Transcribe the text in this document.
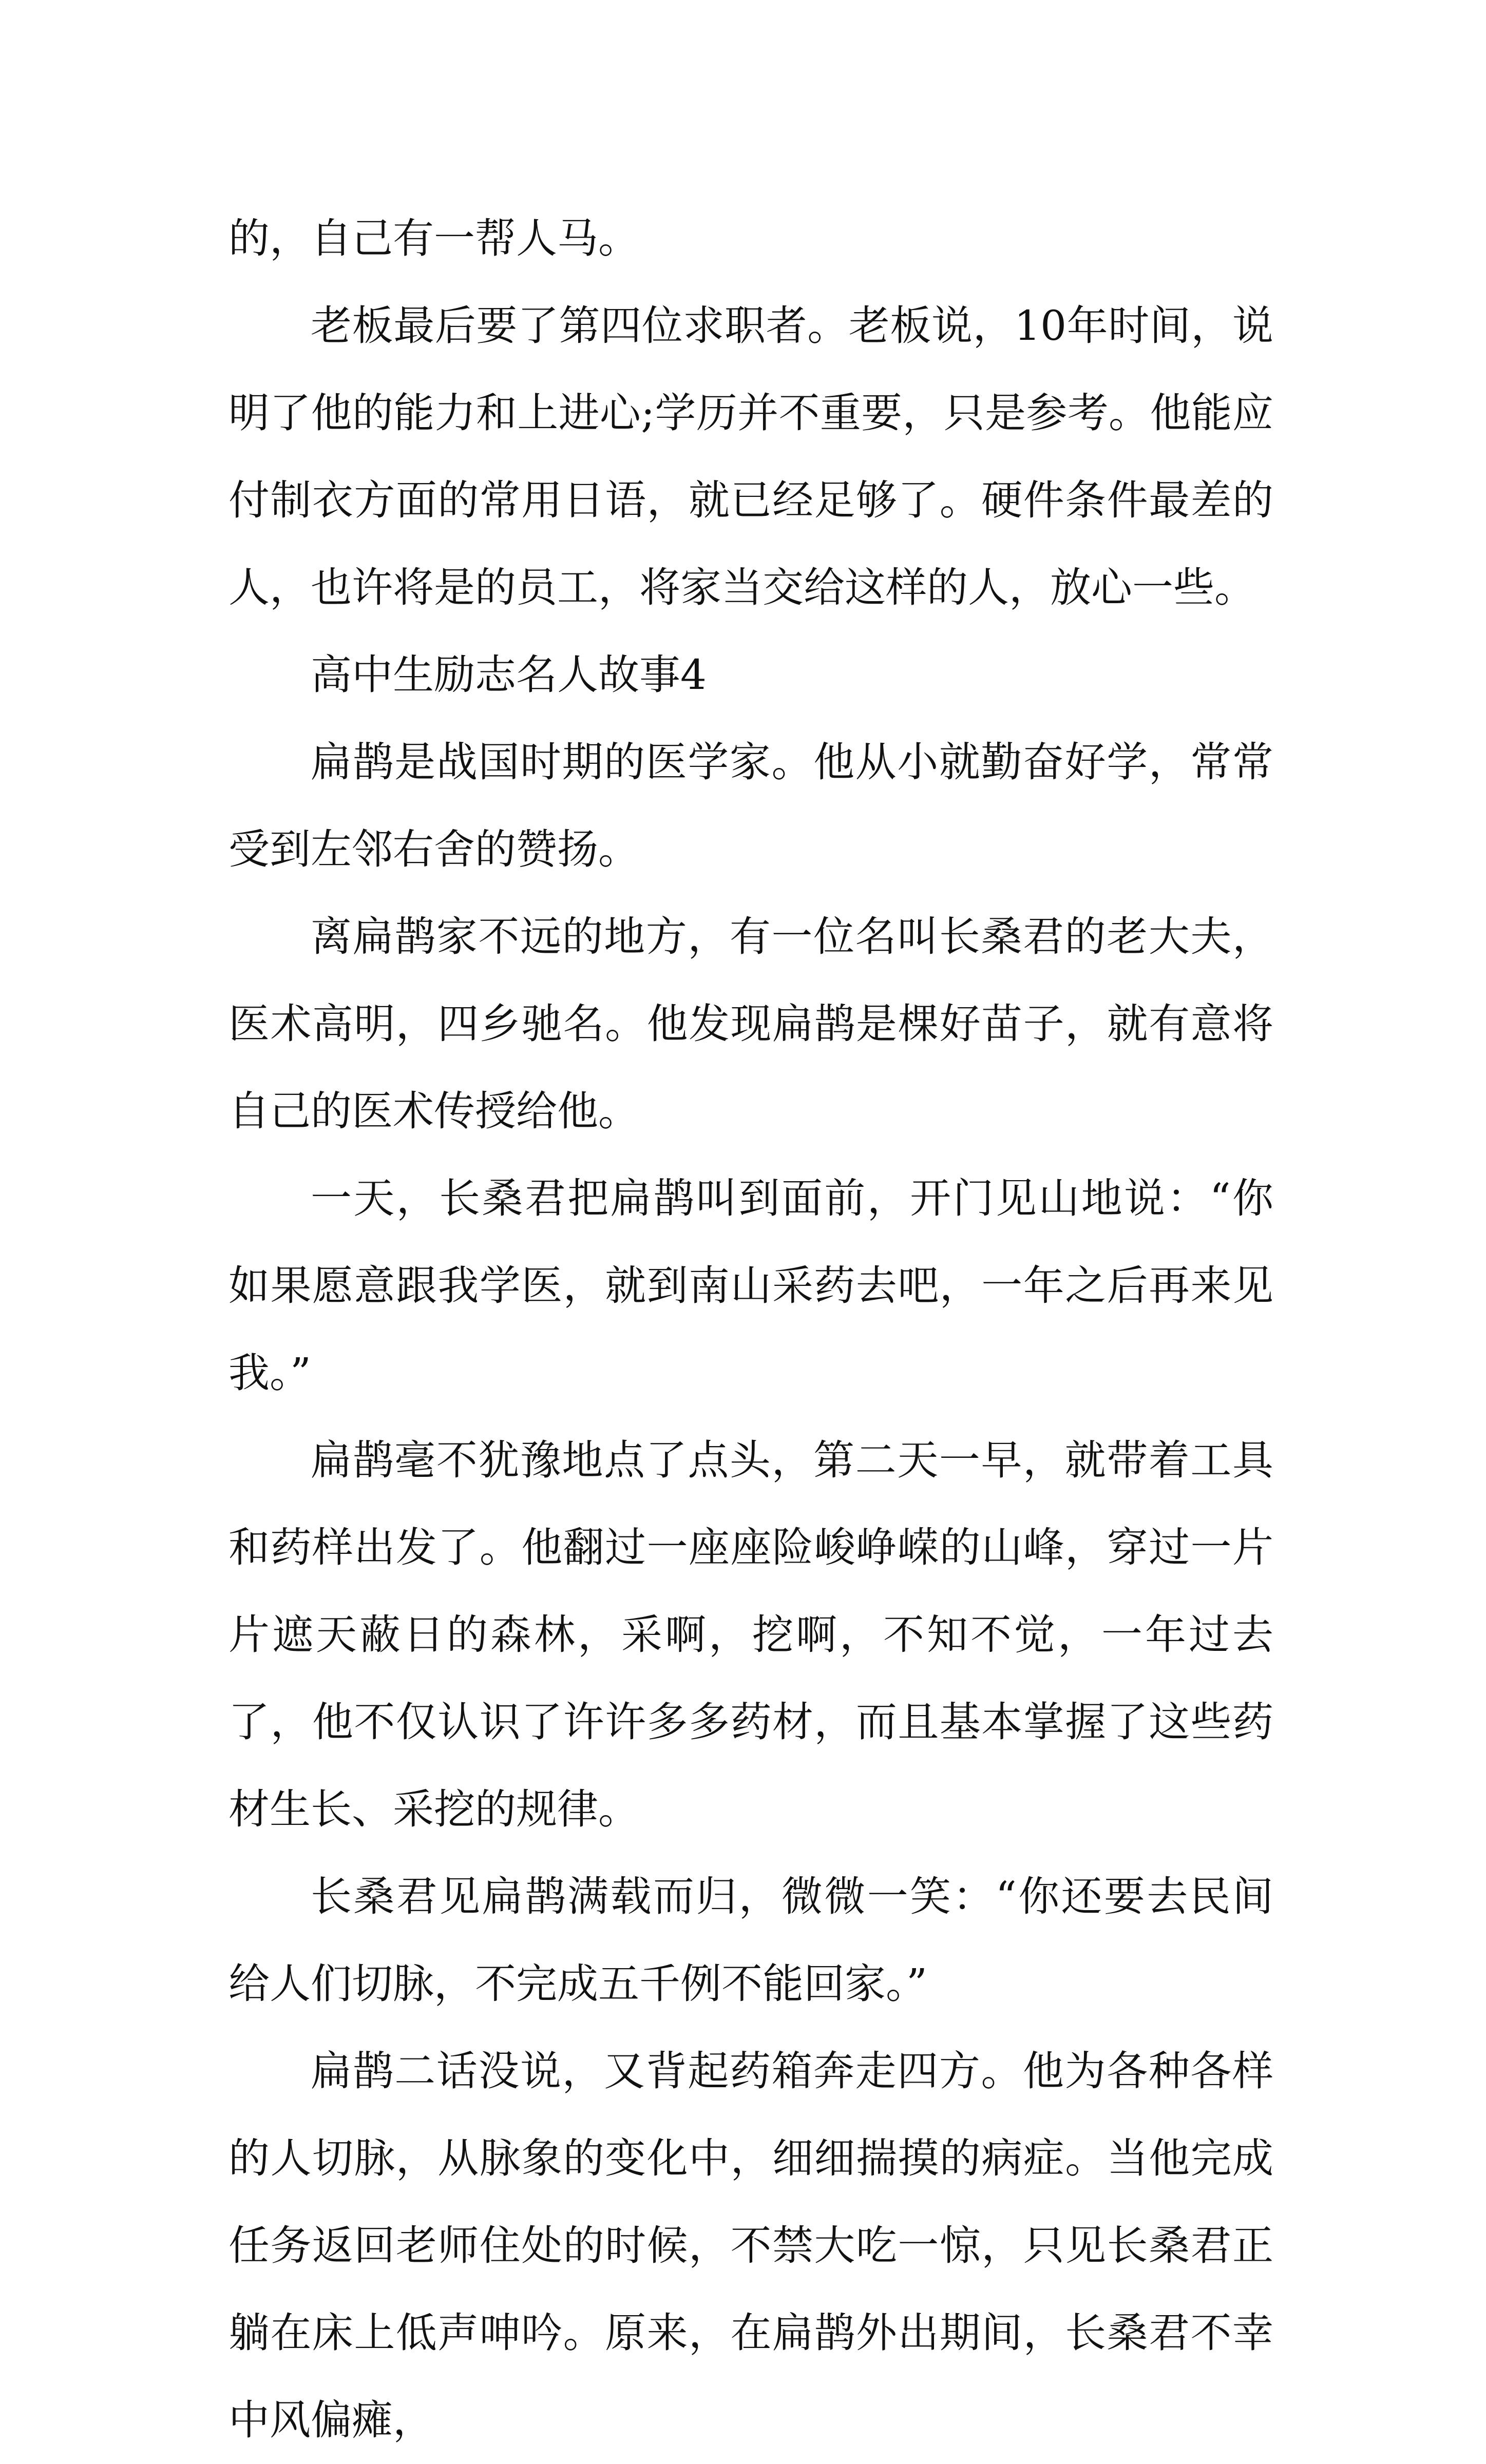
的，自己有一帮人马。

老板最后要了第四位求职者。老板说，10年时间，说明了他的能力和上进心;学历并不重要，只是参考。他能应付制衣方面的常用日语，就已经足够了。硬件条件最差的人，也许将是的员工，将家当交给这样的人，放心一些。

高中生励志名人故事4

扁鹊是战国时期的医学家。他从小就勤奋好学，常常受到左邻右舍的赞扬。

离扁鹊家不远的地方，有一位名叫长桑君的老大夫，医术高明，四乡驰名。他发现扁鹊是棵好苗子，就有意将自己的医术传授给他。

一天，长桑君把扁鹊叫到面前，开门见山地说：“你如果愿意跟我学医，就到南山采药去吧，一年之后再来见我。”

扁鹊毫不犹豫地点了点头，第二天一早，就带着工具和药样出发了。他翻过一座座险峻峥嵘的山峰，穿过一片片遮天蔽日的森林，采啊，挖啊，不知不觉，一年过去了，他不仅认识了许许多多药材，而且基本掌握了这些药材生长、采挖的规律。

长桑君见扁鹊满载而归，微微一笑：“你还要去民间给人们切脉，不完成五千例不能回家。”

扁鹊二话没说，又背起药箱奔走四方。他为各种各样的人切脉，从脉象的变化中，细细揣摸的病症。当他完成任务返回老师住处的时候，不禁大吃一惊，只见长桑君正躺在床上低声呻吟。原来，在扁鹊外出期间，长桑君不幸中风偏瘫，
